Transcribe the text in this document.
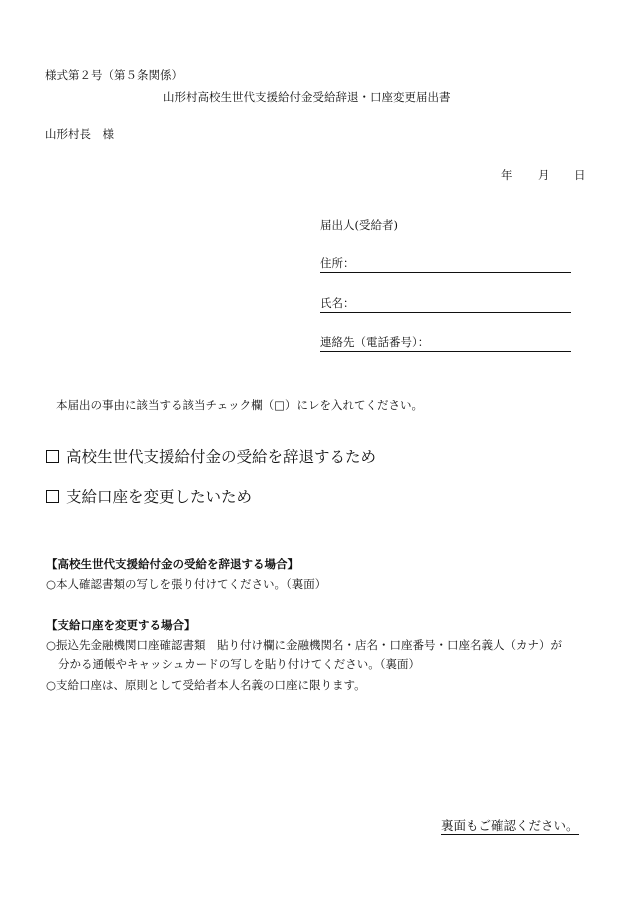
様式第２号（第５条関係）
山形村高校生世代支援給付金受給辞退・口座変更届出書
山形村長　様
年 月 日
届出人(受給者)
住所：
氏名：
連絡先（電話番号）：
本届出の事由に該当する該当チェック欄（□）にレを入れてください。
高校生世代支援給付金の受給を辞退するため
支給口座を変更したいため
【高校生世代支援給付金の受給を辞退する場合】
○本人確認書類の写しを張り付けてください。（裏面）
【支給口座を変更する場合】
○振込先金融機関口座確認書類　貼り付け欄に金融機関名・店名・口座番号・口座名義人（カナ）が
分かる通帳やキャッシュカードの写しを貼り付けてください。（裏面）
○支給口座は、原則として受給者本人名義の口座に限ります。
裏面もご確認ください。
